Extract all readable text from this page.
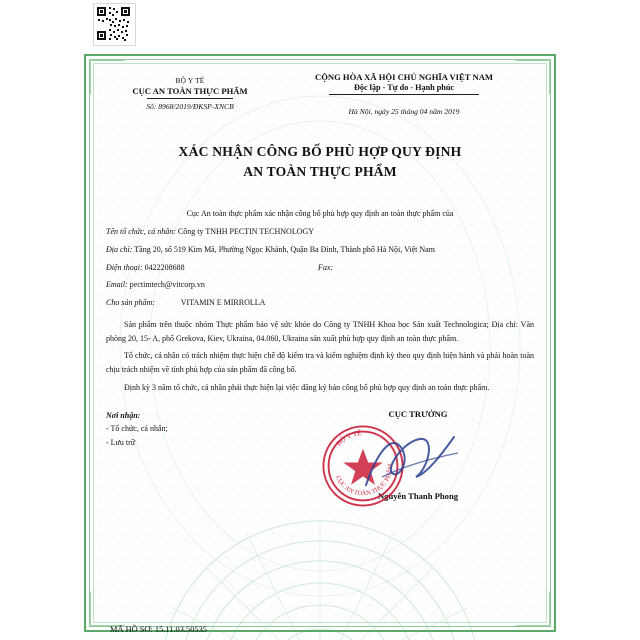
BỘ Y TẾ
CỤC AN TOÀN THỰC PHẨM
Số: 8968/2019/ĐKSP-XNCB
CỘNG HÒA XÃ HỘI CHỦ NGHĨA VIỆT NAM
Độc lập - Tự do - Hạnh phúc
Hà Nội, ngày 25 tháng 04 năm 2019
XÁC NHẬN CÔNG BỐ PHÙ HỢP QUY ĐỊNH
AN TOÀN THỰC PHẨM

Cục An toàn thực phẩm xác nhận công bố phù hợp quy định an toàn thực phẩm của

Tên tổ chức, cá nhân: Công ty TNHH PECTIN TECHNOLOGY

Địa chỉ: Tầng 20, số 519 Kim Mã, Phường Ngọc Khánh, Quận Ba Đình, Thành phố Hà Nội, Việt Nam

Điện thoại: 0422208688	Fax:

Email: pectimtech@vitcorp.vn

Cho sản phẩm:	VITAMIN E MIRROLLA

Sản phẩm trên thuộc nhóm Thực phẩm bảo vệ sức khỏe do Công ty TNHH Khoa học Sản xuất Technologica; Địa chỉ: Văn phòng 20, 15- A, phố Grekova, Kiev, Ukraina, 04.060, Ukraina sản xuất phù hợp quy định an toàn thực phẩm.

Tổ chức, cá nhân có trách nhiệm thực hiện chế độ kiểm tra và kiểm nghiệm định kỳ theo quy định hiện hành và phải hoàn toàn chịu trách nhiệm về tính phù hợp của sản phẩm đã công bố.

Định kỳ 3 năm tổ chức, cá nhân phải thực hiện lại việc đăng ký bản công bố phù hợp quy định an toàn thực phẩm.

Nơi nhận:
- Tổ chức, cá nhân;
- Lưu trữ
CỤC TRƯỞNG
BỘ Y TẾ
CỤC AN TOÀN THỰC PHẨM
Nguyễn Thanh Phong
MÃ HỒ SƠ: 15.11.03.50535
